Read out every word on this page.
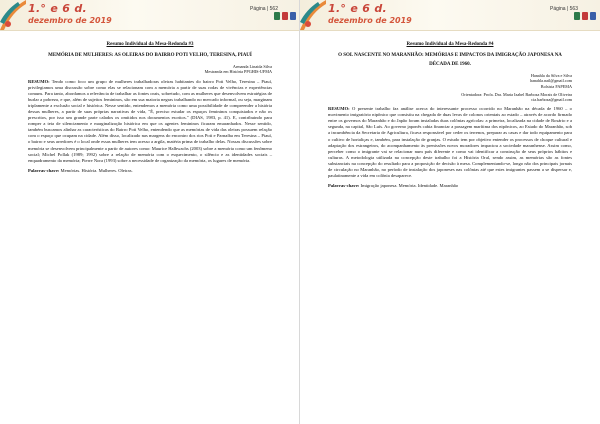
1.° e 6 d.
dezembro de 2019
Página | 562
Resumo Individual da Mesa-Redonda #3
MEMÓRIA DE MULHERES: AS OLEIRAS DO BAIRRO POTI VELHO, TERESINA, PIAUÍ
Armanda Linaida Silva
Mestranda em História PPGHIS-UFMA
RESUMO: Tendo como foco um grupo de mulheres trabalhadoras oleiras habitantes do bairro Poti Velho, Teresina – Piauí, privilegiamos uma discussão sobre como elas se relacionam com a memória a partir de suas rodas de vivências e experiências comuns. Para tanto, abordamos a relevância de trabalhar as fontes orais, sobretudo, com as mulheres que desenvolvem estratégias de burlar a pobreza, e que, além de sujeitos femininos, são em sua maioria negras trabalhando no mercado informal, ou seja, marginam triplamente a exclusão social e histórica. Nesse sentido, entendemos a memória como uma possibilidade de compreender a história dessas mulheres, a partir de suas próprias narrativas de vida, "É, preciso estudar os espaços femininos conquistados e não os prescritos, por isso um grande parte calados os omitidos nos documentos escritos." (DIAS, 1983, p. 41). E, contribuindo para romper a teia de silenciamento e marginalização histórica em que os agentes femininos ficaram emaranhados. Nesse sentido, também buscamos alinhar as características do Bairro Poti Velho, entendendo que as memórias de vida das oleiras possuem relação com o espaço que ocupam na cidade. Além disso, localizado nas margens do encontro dos rios Poti e Parnaíba em Teresina – Piauí, o bairro e seus arredores é o local onde essas mulheres tem acesso a argila, matéria prima de trabalho delas. Nossas discussões sobre memória se desenvolvem principalmente a partir de autores como: Maurice Halbwachs (2003) sobre a memória como um fenômeno social; Michel Pollak (1989; 1992) sobre a relação de memória com o esquecimento, o silêncio e as identidades sociais – enquadramento da memória; Pierre Nora (1993) sobre a necessidade de organização da memória, os lugares de memória.
Palavras-chave: Memórias. História. Mulheres. Oleiras.
1.° e 6 d.
dezembro de 2019
Página | 563
Resumo Individual da Mesa-Redonda #4
O SOL NASCENTE NO MARANHÃO: MEMÓRIAS E IMPACTOS DA IMIGRAÇÃO JAPONESA NA DÉCADA DE 1960.
Hanahla da Silva e Silva
hanahla.nail@gmail.com
Bolsista FAPEMA
Orientadora: Profa. Dra. Maria Izabel Barboza Morais de Oliveira
cia.barboza@gmail.com
RESUMO: O presente trabalho faz análise acerca do interessante processo ocorrido no Maranhão na década de 1960 – o movimento imigratório nipônico que consistiu na chegada de duas levas de colonos orientais ao estado – através de acordo firmado entre os governos do Maranhão e do Japão foram instaladas duas colônias agrícolas: a primeira, localizada na cidade de Rosário e a segunda, na capital, São Luís. Ao governo japonês cabia financiar a passagem marítima dos nipônicos, ao Estado do Maranhão, sob a incumbência da Secretaria de Agricultura, ficava responsável por ceder os terrenos, preparar as casas e dar todo equipamento para o cultivo de hortaliças e, também, para instalação de granjas. O estudo tem por objetivo entender os processos de choque cultural e adaptação dos estrangeiros, do acompanhamento às prenissões novos moradores impactou a sociedade maranhense. Assim como, perceber como o imigrante vai se relacionar num país diferente e como vai identificar a construção de seus próprios hábitos e culturas. A metodologia utilizada na concepção deste trabalho foi a História Oral, sendo assim, as memórias são as fontes substanciais na concepção do resultado para a proposição de decisão à mesa. Complementando-se, longo não dos principais jornais de circulação no Maranhão, no período de instalação dos japoneses nas colônias até que estes imigrantes passem a se dispersar e, paulatinamente a vida em colônia desaparece.
Palavras-chave: Imigração japonesa. Memória. Identidade. Maranhão
